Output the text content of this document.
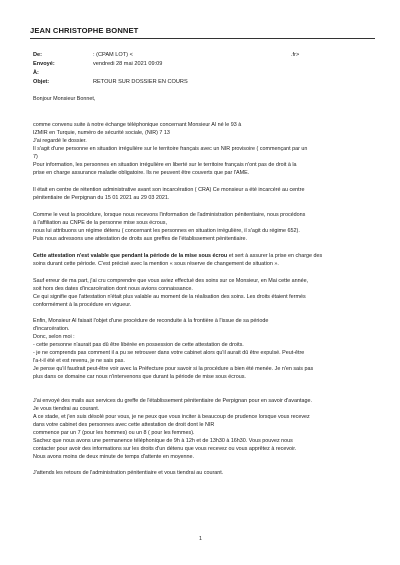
JEAN CHRISTOPHE BONNET
De:	: (CPAM LOT) <	.fr>
Envoyé:	vendredi 28 mai 2021 09:09
À:
Objet:	RETOUR SUR DOSSIER EN COURS

Bonjour Monsieur Bonnet,

comme convenu suite à notre échange téléphonique concernant Monsieur Al né le 93 à

IZMIR en Turquie, numéro de sécurité sociale, (NIR) 7 13

J'ai regardé le dossier.

Il s'agit d'une personne en situation irrégulière sur le territoire français avec un NIR provisoire ( commençant par un

7)

Pour information, les personnes en situation irrégulière en liberté sur le territoire français n'ont pas de droit à la

prise en charge assurance maladie obligatoire. Ils ne peuvent être couverts que par l'AME.

Il était en centre de rétention administrative avant son incarcération ( CRA) Ce monsieur a été incarcéré au centre

pénitentiaire de Perpignan du 15 01 2021 au 29 03 2021.

Comme le veut la procédure, lorsque nous recevons l'information de l'administration pénitentiaire, nous procédons

à l'affiliation au CNPE de la personne mise sous écrous,

nous lui attribuons un régime détenu ( concernant les personnes en situation irrégulière, il s'agit du régime 652).

Puis nous adressons une attestation de droits aux greffes de l'établissement pénitentiaire.

Cette attestation n'est valable que pendant la période de la mise sous écrou et sert à assurer la prise en charge des

soins durant cette période. C'est précisé avec la mention « sous réserve de changement de situation ».

Sauf erreur de ma part, j'ai cru comprendre que vous aviez effectué des soins sur ce Monsieur, en Mai cette année,

soit hors des dates d'incarcération dont nous avions connaissance.

Ce qui signifie que l'attestation n'était plus valable au moment de la réalisation des soins. Les droits étaient fermés

conformément à la procédure en vigueur.

Enfin, Monsieur Al faisait l'objet d'une procédure de reconduite à la frontière à l'issue de sa période

d'incarcération.

Donc, selon moi :

- cette personne n'aurait pas dû être libérée en possession de cette attestation de droits.

- je ne comprends pas comment il a pu se retrouver dans votre cabinet alors qu'il aurait dû être expulsé. Peut-être

l'a-t-il été et est revenu, je ne sais pas.

Je pense qu'il faudrait peut-être voir avec la Préfecture pour savoir si la procédure a bien été menée. Je n'en sais pas

plus dans ce domaine car nous n'intervenons que durant la période de mise sous écrous.

J'ai envoyé des mails aux services du greffe de l'établissement pénitentiaire de Perpignan pour en savoir d'avantage.

Je vous tiendrai au courant.

A ce stade, et j'en suis désolé pour vous, je ne peux que vous inciter à beaucoup de prudence lorsque vous recevez

dans votre cabinet des personnes avec cette attestation de droit dont le NIR

commence par un 7 (pour les hommes) ou un 8 ( pour les femmes).

Sachez que nous avons une permanence téléphonique de 9h à 12h et de 13h30 à 16h30. Vous pouvez nous

contacter pour avoir des informations sur les droits d'un détenu que vous recevez ou vous apprêtez à recevoir.

Nous avons moins de deux minute de temps d'attente en moyenne.

J'attends les retours de l'administration pénitentiaire et vous tiendrai au courant.

1
